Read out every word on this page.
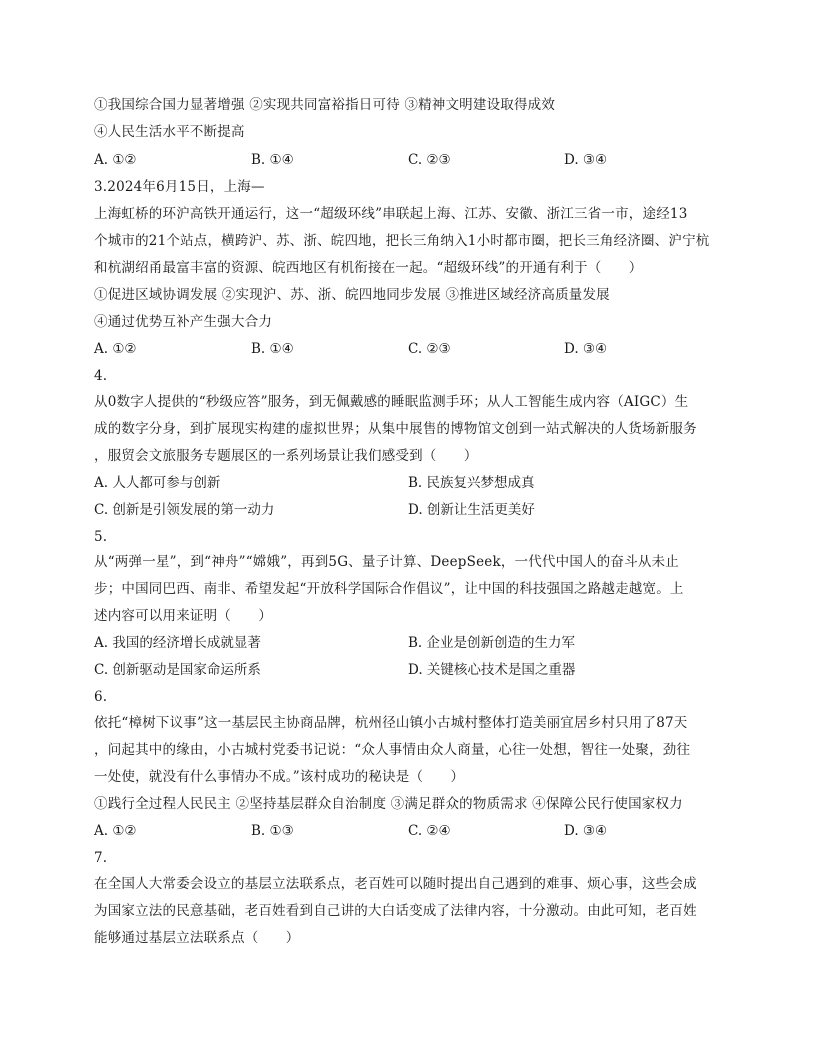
①我国综合国力显著增强 ②实现共同富裕指日可待 ③精神文明建设取得成效
④人民生活水平不断提高
A. ①②	B. ①④	C. ②③	D. ③④
3.2024年6月15日，上海—
上海虹桥的环沪高铁开通运行，这一“超级环线”串联起上海、江苏、安徽、浙江三省一市，途经13
个城市的21个站点，横跨沪、苏、浙、皖四地，把长三角纳入1小时都市圈，把长三角经济圈、沪宁杭
和杭湖绍甬最富丰富的资源、皖西地区有机衔接在一起。“超级环线”的开通有利于（　　）
①促进区域协调发展 ②实现沪、苏、浙、皖四地同步发展 ③推进区域经济高质量发展
④通过优势互补产生强大合力
A. ①②	B. ①④	C. ②③	D. ③④
4.
从0数字人提供的“秒级应答”服务，到无佩戴感的睡眠监测手环；从人工智能生成内容（AIGC）生
成的数字分身，到扩展现实构建的虚拟世界；从集中展售的博物馆文创到一站式解决的人货场新服务
，服贸会文旅服务专题展区的一系列场景让我们感受到（　　）
A. 人人都可参与创新	B. 民族复兴梦想成真
C. 创新是引领发展的第一动力	D. 创新让生活更美好
5.
从“两弹一星”，到“神舟”“嫦娥”，再到5G、量子计算、DeepSeek，一代代中国人的奋斗从未止
步；中国同巴西、南非、希望发起“开放科学国际合作倡议”，让中国的科技强国之路越走越宽。上
述内容可以用来证明（　　）
A. 我国的经济增长成就显著	B. 企业是创新创造的生力军
C. 创新驱动是国家命运所系	D. 关键核心技术是国之重器
6.
依托“樟树下议事”这一基层民主协商品牌，杭州径山镇小古城村整体打造美丽宜居乡村只用了87天
，问起其中的缘由，小古城村党委书记说：“众人事情由众人商量，心往一处想，智往一处聚，劲往
一处使，就没有什么事情办不成。”该村成功的秘诀是（　　）
①践行全过程人民民主 ②坚持基层群众自治制度 ③满足群众的物质需求 ④保障公民行使国家权力
A. ①②	B. ①③	C. ②④	D. ③④
7.
在全国人大常委会设立的基层立法联系点，老百姓可以随时提出自己遇到的难事、烦心事，这些会成
为国家立法的民意基础，老百姓看到自己讲的大白话变成了法律内容，十分激动。由此可知，老百姓
能够通过基层立法联系点（　　）
